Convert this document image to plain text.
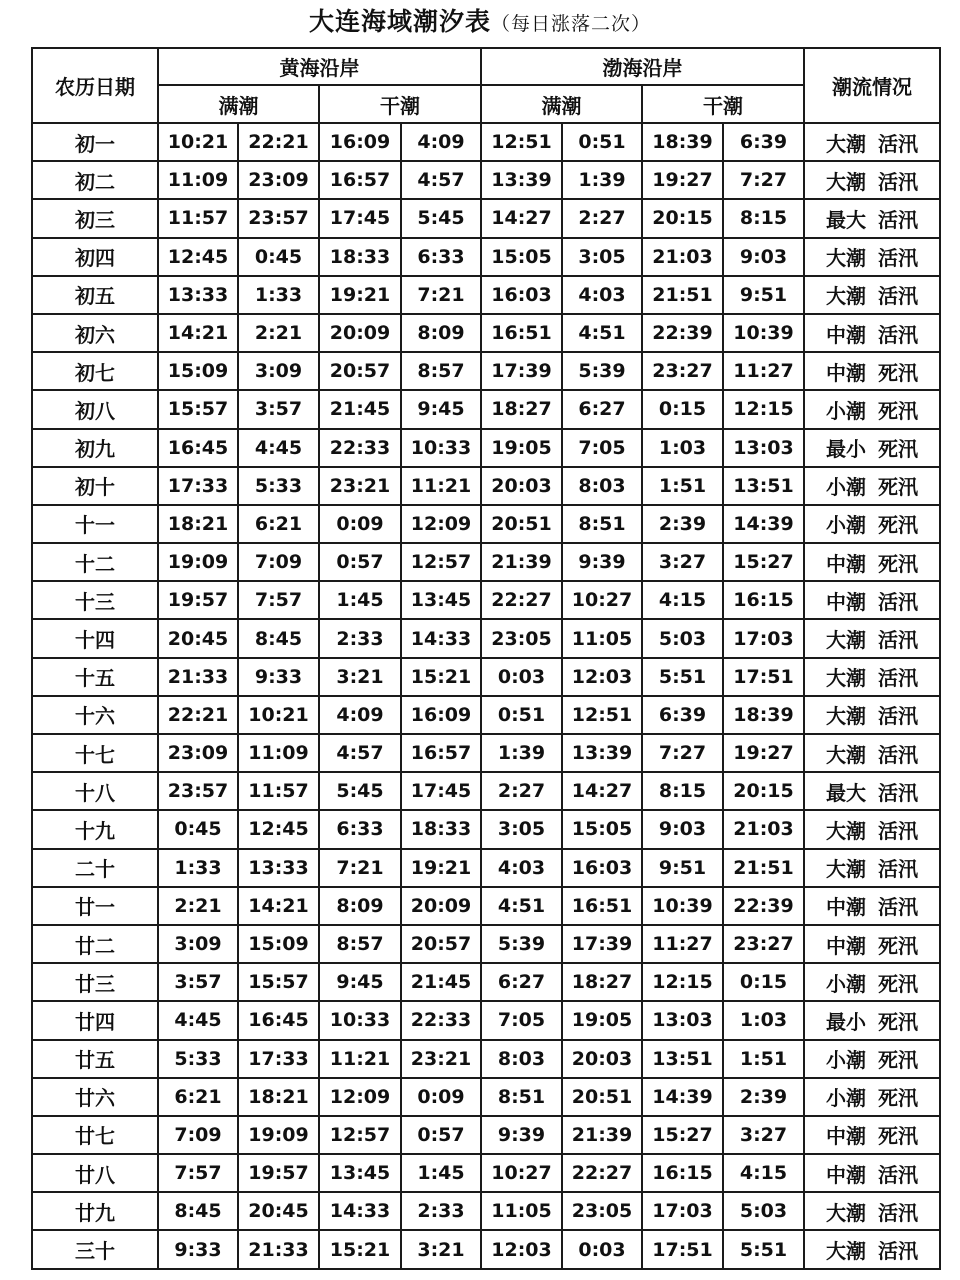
大连海域潮汐表（每日涨落二次）
农历日期	黄海沿岸				渤海沿岸				潮流情况
	满潮		干潮		满潮		干潮		
初一	10:21	22:21	16:09	4:09	12:51	0:51	18:39	6:39	大潮 活汛
初二	11:09	23:09	16:57	4:57	13:39	1:39	19:27	7:27	大潮 活汛
初三	11:57	23:57	17:45	5:45	14:27	2:27	20:15	8:15	最大 活汛
初四	12:45	0:45	18:33	6:33	15:05	3:05	21:03	9:03	大潮 活汛
初五	13:33	1:33	19:21	7:21	16:03	4:03	21:51	9:51	大潮 活汛
初六	14:21	2:21	20:09	8:09	16:51	4:51	22:39	10:39	中潮 活汛
初七	15:09	3:09	20:57	8:57	17:39	5:39	23:27	11:27	中潮 死汛
初八	15:57	3:57	21:45	9:45	18:27	6:27	0:15	12:15	小潮 死汛
初九	16:45	4:45	22:33	10:33	19:05	7:05	1:03	13:03	最小 死汛
初十	17:33	5:33	23:21	11:21	20:03	8:03	1:51	13:51	小潮 死汛
十一	18:21	6:21	0:09	12:09	20:51	8:51	2:39	14:39	小潮 死汛
十二	19:09	7:09	0:57	12:57	21:39	9:39	3:27	15:27	中潮 死汛
十三	19:57	7:57	1:45	13:45	22:27	10:27	4:15	16:15	中潮 活汛
十四	20:45	8:45	2:33	14:33	23:05	11:05	5:03	17:03	大潮 活汛
十五	21:33	9:33	3:21	15:21	0:03	12:03	5:51	17:51	大潮 活汛
十六	22:21	10:21	4:09	16:09	0:51	12:51	6:39	18:39	大潮 活汛
十七	23:09	11:09	4:57	16:57	1:39	13:39	7:27	19:27	大潮 活汛
十八	23:57	11:57	5:45	17:45	2:27	14:27	8:15	20:15	最大 活汛
十九	0:45	12:45	6:33	18:33	3:05	15:05	9:03	21:03	大潮 活汛
二十	1:33	13:33	7:21	19:21	4:03	16:03	9:51	21:51	大潮 活汛
廿一	2:21	14:21	8:09	20:09	4:51	16:51	10:39	22:39	中潮 活汛
廿二	3:09	15:09	8:57	20:57	5:39	17:39	11:27	23:27	中潮 死汛
廿三	3:57	15:57	9:45	21:45	6:27	18:27	12:15	0:15	小潮 死汛
廿四	4:45	16:45	10:33	22:33	7:05	19:05	13:03	1:03	最小 死汛
廿五	5:33	17:33	11:21	23:21	8:03	20:03	13:51	1:51	小潮 死汛
廿六	6:21	18:21	12:09	0:09	8:51	20:51	14:39	2:39	小潮 死汛
廿七	7:09	19:09	12:57	0:57	9:39	21:39	15:27	3:27	中潮 死汛
廿八	7:57	19:57	13:45	1:45	10:27	22:27	16:15	4:15	中潮 活汛
廿九	8:45	20:45	14:33	2:33	11:05	23:05	17:03	5:03	大潮 活汛
三十	9:33	21:33	15:21	3:21	12:03	0:03	17:51	5:51	大潮 活汛
